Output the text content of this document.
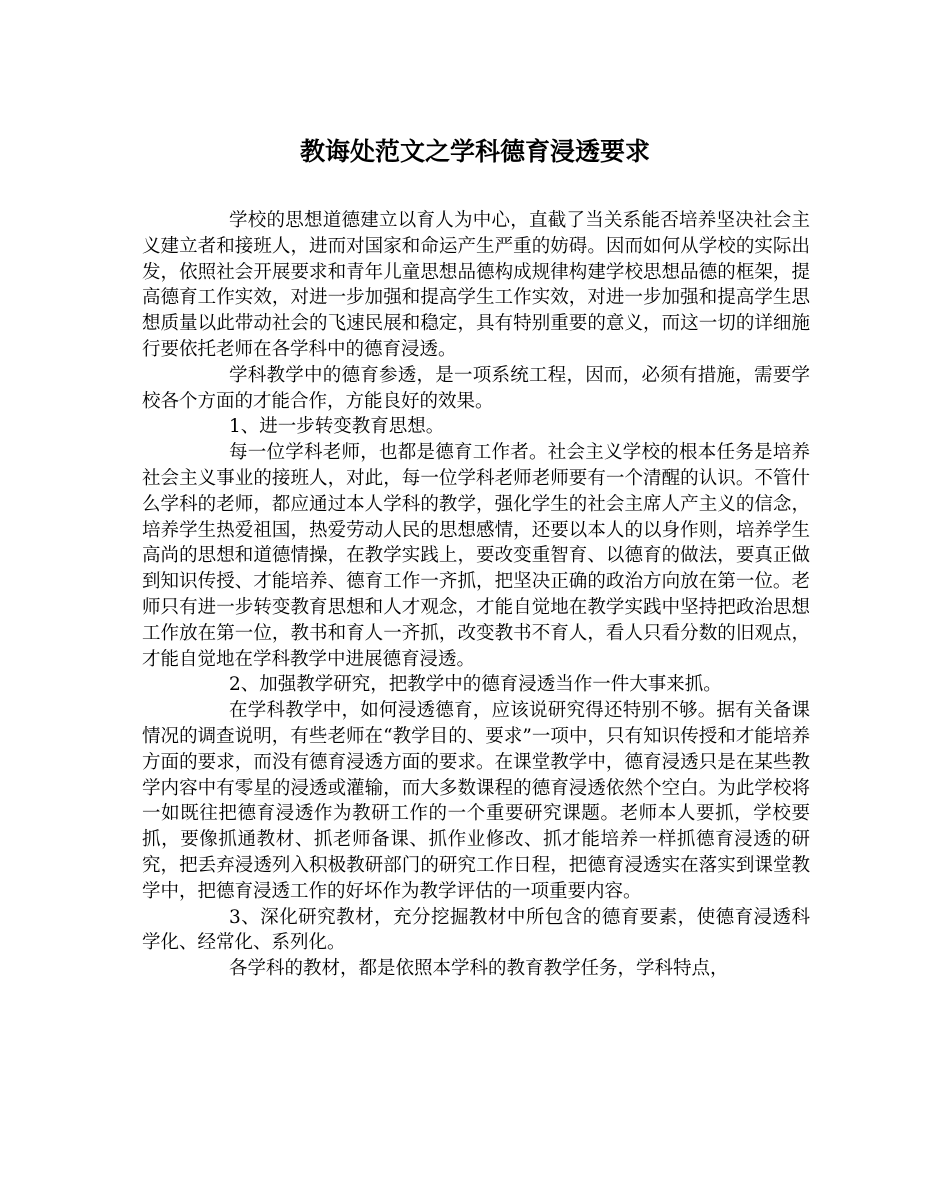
教诲处范文之学科德育浸透要求

学校的思想道德建立以育人为中心，直截了当关系能否培养坚决社会主义建立者和接班人，进而对国家和命运产生严重的妨碍。因而如何从学校的实际出发，依照社会开展要求和青年儿童思想品德构成规律构建学校思想品德的框架，提高德育工作实效，对进一步加强和提高学生工作实效，对进一步加强和提高学生思想质量以此带动社会的飞速民展和稳定，具有特别重要的意义，而这一切的详细施行要依托老师在各学科中的德育浸透。

学科教学中的德育参透，是一项系统工程，因而，必须有措施，需要学校各个方面的才能合作，方能良好的效果。

1、进一步转变教育思想。

每一位学科老师，也都是德育工作者。社会主义学校的根本任务是培养社会主义事业的接班人，对此，每一位学科老师老师要有一个清醒的认识。不管什么学科的老师，都应通过本人学科的教学，强化学生的社会主席人产主义的信念，培养学生热爱祖国，热爱劳动人民的思想感情，还要以本人的以身作则，培养学生高尚的思想和道德情操，在教学实践上，要改变重智育、以德育的做法，要真正做到知识传授、才能培养、德育工作一齐抓，把坚决正确的政治方向放在第一位。老师只有进一步转变教育思想和人才观念，才能自觉地在教学实践中坚持把政治思想工作放在第一位，教书和育人一齐抓，改变教书不育人，看人只看分数的旧观点，才能自觉地在学科教学中进展德育浸透。

2、加强教学研究，把教学中的德育浸透当作一件大事来抓。

在学科教学中，如何浸透德育，应该说研究得还特别不够。据有关备课情况的调查说明，有些老师在“教学目的、要求”一项中，只有知识传授和才能培养方面的要求，而没有德育浸透方面的要求。在课堂教学中，德育浸透只是在某些教学内容中有零星的浸透或灌输，而大多数课程的德育浸透依然个空白。为此学校将一如既往把德育浸透作为教研工作的一个重要研究课题。老师本人要抓，学校要抓，要像抓通教材、抓老师备课、抓作业修改、抓才能培养一样抓德育浸透的研究，把丢弃浸透列入积极教研部门的研究工作日程，把德育浸透实在落实到课堂教学中，把德育浸透工作的好坏作为教学评估的一项重要内容。

3、深化研究教材，充分挖掘教材中所包含的德育要素，使德育浸透科学化、经常化、系列化。

各学科的教材，都是依照本学科的教育教学任务，学科特点，
